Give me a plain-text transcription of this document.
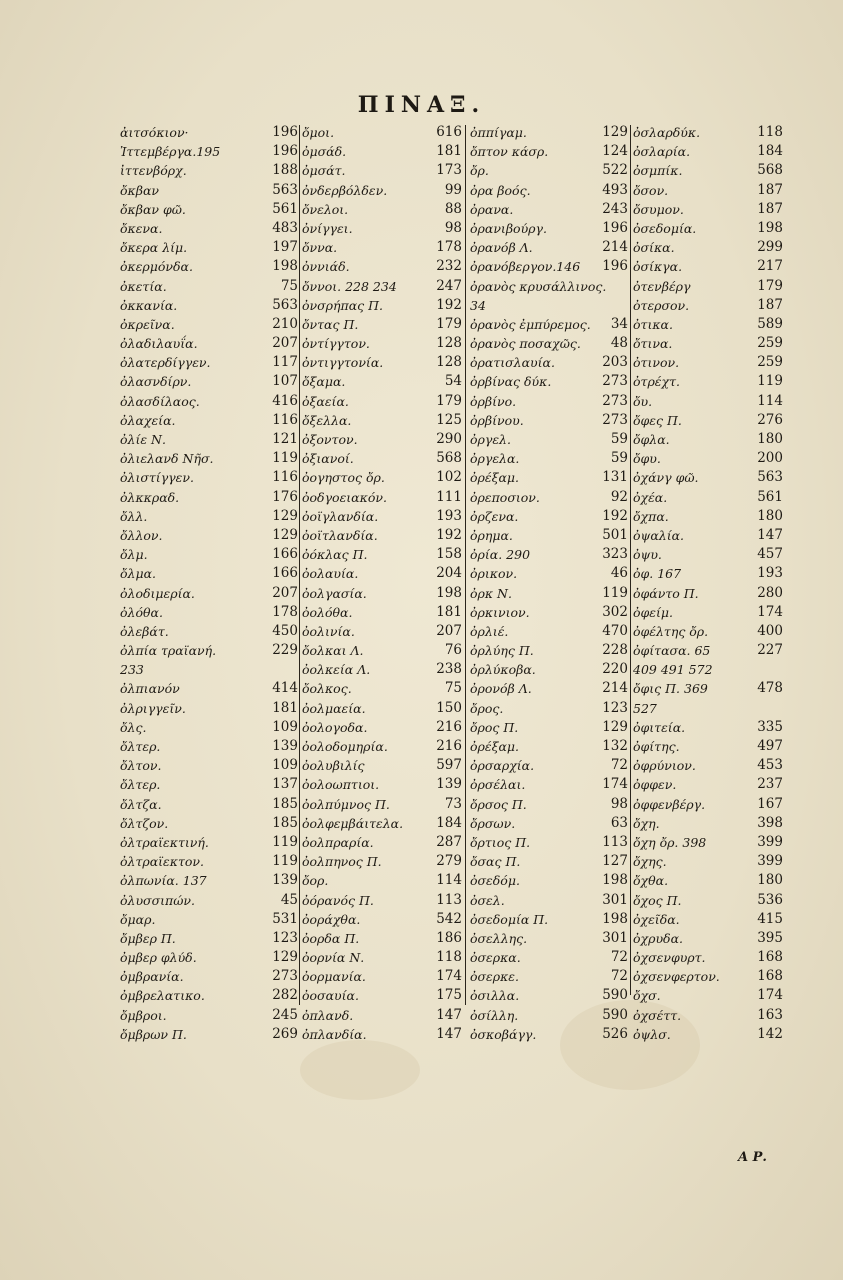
ΠΙΝΑΞ.
ἀιτσόκιον·	196
Ἰττεμβέργα.195	196
ἰττενβόρχ.	188
ὄκβαν	563
ὄκβαν φῶ.	561
ὄκενα.	483
ὄκερα λίμ.	197
ὀκερμόνδα.	198
ὀκετία.	75
ὀκκανία.	563
ὀκρεῖνα.	210
ὀλαδιλαυΐα.	207
ὀλατερδίγγεν.	117
ὀλασνδίρν.	107
ὀλασδίλαος.	416
ὀλαχεία.	116
ὀλίε Ν.	121
ὀλιελανδ Νῆσ.	119
ὀλιστίγγεν.	116
ὀλκκραδ.	176
ὄλλ.	129
ὄλλον.	129
ὄλμ.	166
ὄλμα.	166
ὀλοδιμερία.	207
ὀλόθα.	178
ὀλεβάτ.	450
ὀλπία τραϊανή.	229
233
ὀλπιανόν	414
ὀλριγγεῖν.	181
ὄλς.	109
ὄλτερ.	139
ὄλτον.	109
ὄλτερ.	137
ὄλτζα.	185
ὄλτζον.	185
ὀλτραϊεκτινή.	119
ὀλτραϊεκτον.	119
ὀλπωνία. 137	139
ὀλυσσιπών.	45
ὄμαρ.	531
ὄμβερ Π.	123
ὀμβερ φλύδ.	129
ὀμβρανία.	273
ὀμβρελατικο.	282
ὄμβροι.	245
ὄμβρων Π.	269
ὄμοι.	616
ὀμσάδ.	181
ὀμσάτ.	173
ὀνδερβόλδεν.	99
ὄνελοι.	88
ὀνίγγει.	98
ὄννα.	178
ὀννιάδ.	232
ὄννοι. 228 234	247
ὀνσρήπας Π.	192
ὄντας Π.	179
ὀντίγγτον.	128
ὀντιγγτονία.	128
ὄξαμα.	54
ὀξαεία.	179
ὄξελλα.	125
ὀξοντον.	290
ὀξιανοί.	568
ὀογηστος ὄρ.	102
ὀοδγοειακόν.	111
ὀοϊγλανδία.	193
ὀοϊτλανδία.	192
ὀόκλας Π.	158
ὀολαυία.	204
ὀολγασία.	198
ὀολόθα.	181
ὀολινία.	207
ὄολκαι Λ.	76
ὀολκεία Λ.	238
ὄολκος.	75
ὀολμαεία.	150
ὀολογοδα.	216
ὀολοδομηρία.	216
ὀολυβιλίς	597
ὀολοωπτιοι.	139
ὀολπύμνος Π.	73
ὀολφεμβάιτελα. 184
ὀολπραρία.	287
ὀολπηνος Π.	279
ὄορ.	114
ὀόρανός Π.	113
ὀοράχθα.	542
ὀορδα Π.	186
ὀορνία Ν.	118
ὀορμανία.	174
ὀοσαυία.	175
ὀπλανδ.	147
ὀπλανδία.	147
ὀππίγαμ.	129
ὄπτον κάσρ.	124
ὄρ.	522
ὀρα βοός.	493
ὀρανα.	243
ὀρανιβούργ.	196
ὀρανόβ Λ.	214
ὀρανόβεργον.146 196
ὀρανὸς κρυσάλλινος.
34
ὀρανὸς ἐμπύρεμος. 34
ὀρανὸς ποσαχῶς. 48
ὀρατισλαυία.	203
ὀρβίνας δύκ.	273
ὀρβίνο.	273
ὀρβίνου.	273
ὀργελ.	59
ὀργελα.	59
ὀρέξαμ.	131
ὀρεποσιον.	92
ὀρζενα.	192
ὀρημα.	501
ὀρία. 290	323
ὀρικον.	46
ὀρκ Ν.	119
ὀρκινιον.	302
ὀρλιέ.	470
ὀρλύης Π.	228
ὀρλύκοβα.	220
ὀρονόβ Λ.	214
ὄρος.	123
ὄρος Π.	129
ὀρέξαμ.	132
ὀρσαρχία.	72
ὀρσέλαι.	174
ὄρσος Π.	98
ὄρσων.	63
ὄρτιος Π.	113
ὄσας Π.	127
ὀσεδόμ.	198
ὀσελ.	301
ὀσεδομία Π.	198
ὀσελλης.	301
ὀσερκα.	72
ὀσερκε.	72
ὀσιλλα.	590
ὀσίλλη.	590
ὀσκοβάγγ.	526
ὀσλαρδύκ.	118
ὀσλαρία.	184
ὀσμπίκ.	568
ὄσον.	187
ὄσυμον.	187
ὀσεδομία.	198
ὀσίκα.	299
ὀσίκγα.	217
ὀτενβέργ	179
ὀτερσον.	187
ὀτικα.	589
ὄτινα.	259
ὀτινον.	259
ὀτρέχτ.	119
ὄυ.	114
ὄφες Π.	276
ὄφλα.	180
ὄφυ.	200
ὀχάνγ φῶ.	563
ὀχέα.	561
ὄχπα.	180
ὀψαλία.	147
ὀψυ.	457
ὀφ. 167	193
ὀφάντο Π.	280
ὀφείμ.	174
ὀφέλτης ὄρ.	400
ὀφίτασα. 65	227
409 491 572
ὄφις Π. 369	478
527
ὀφιτεία.	335
ὀφίτης.	497
ὀφρύνιον.	453
ὀφφεν.	237
ὀφφενβέργ.	167
ὄχη.	398
ὄχη ὄρ. 398	399
ὄχης.	399
ὄχθα.	180
ὄχος Π.	536
ὀχεῖδα.	415
ὀχρυδα.	395
ὀχσενφυρτ.	168
ὀχσενφερτον.	168
ὄχσ.	174
ὀχσέττ.	163
ὀψλσ.	142
Α Ρ.
